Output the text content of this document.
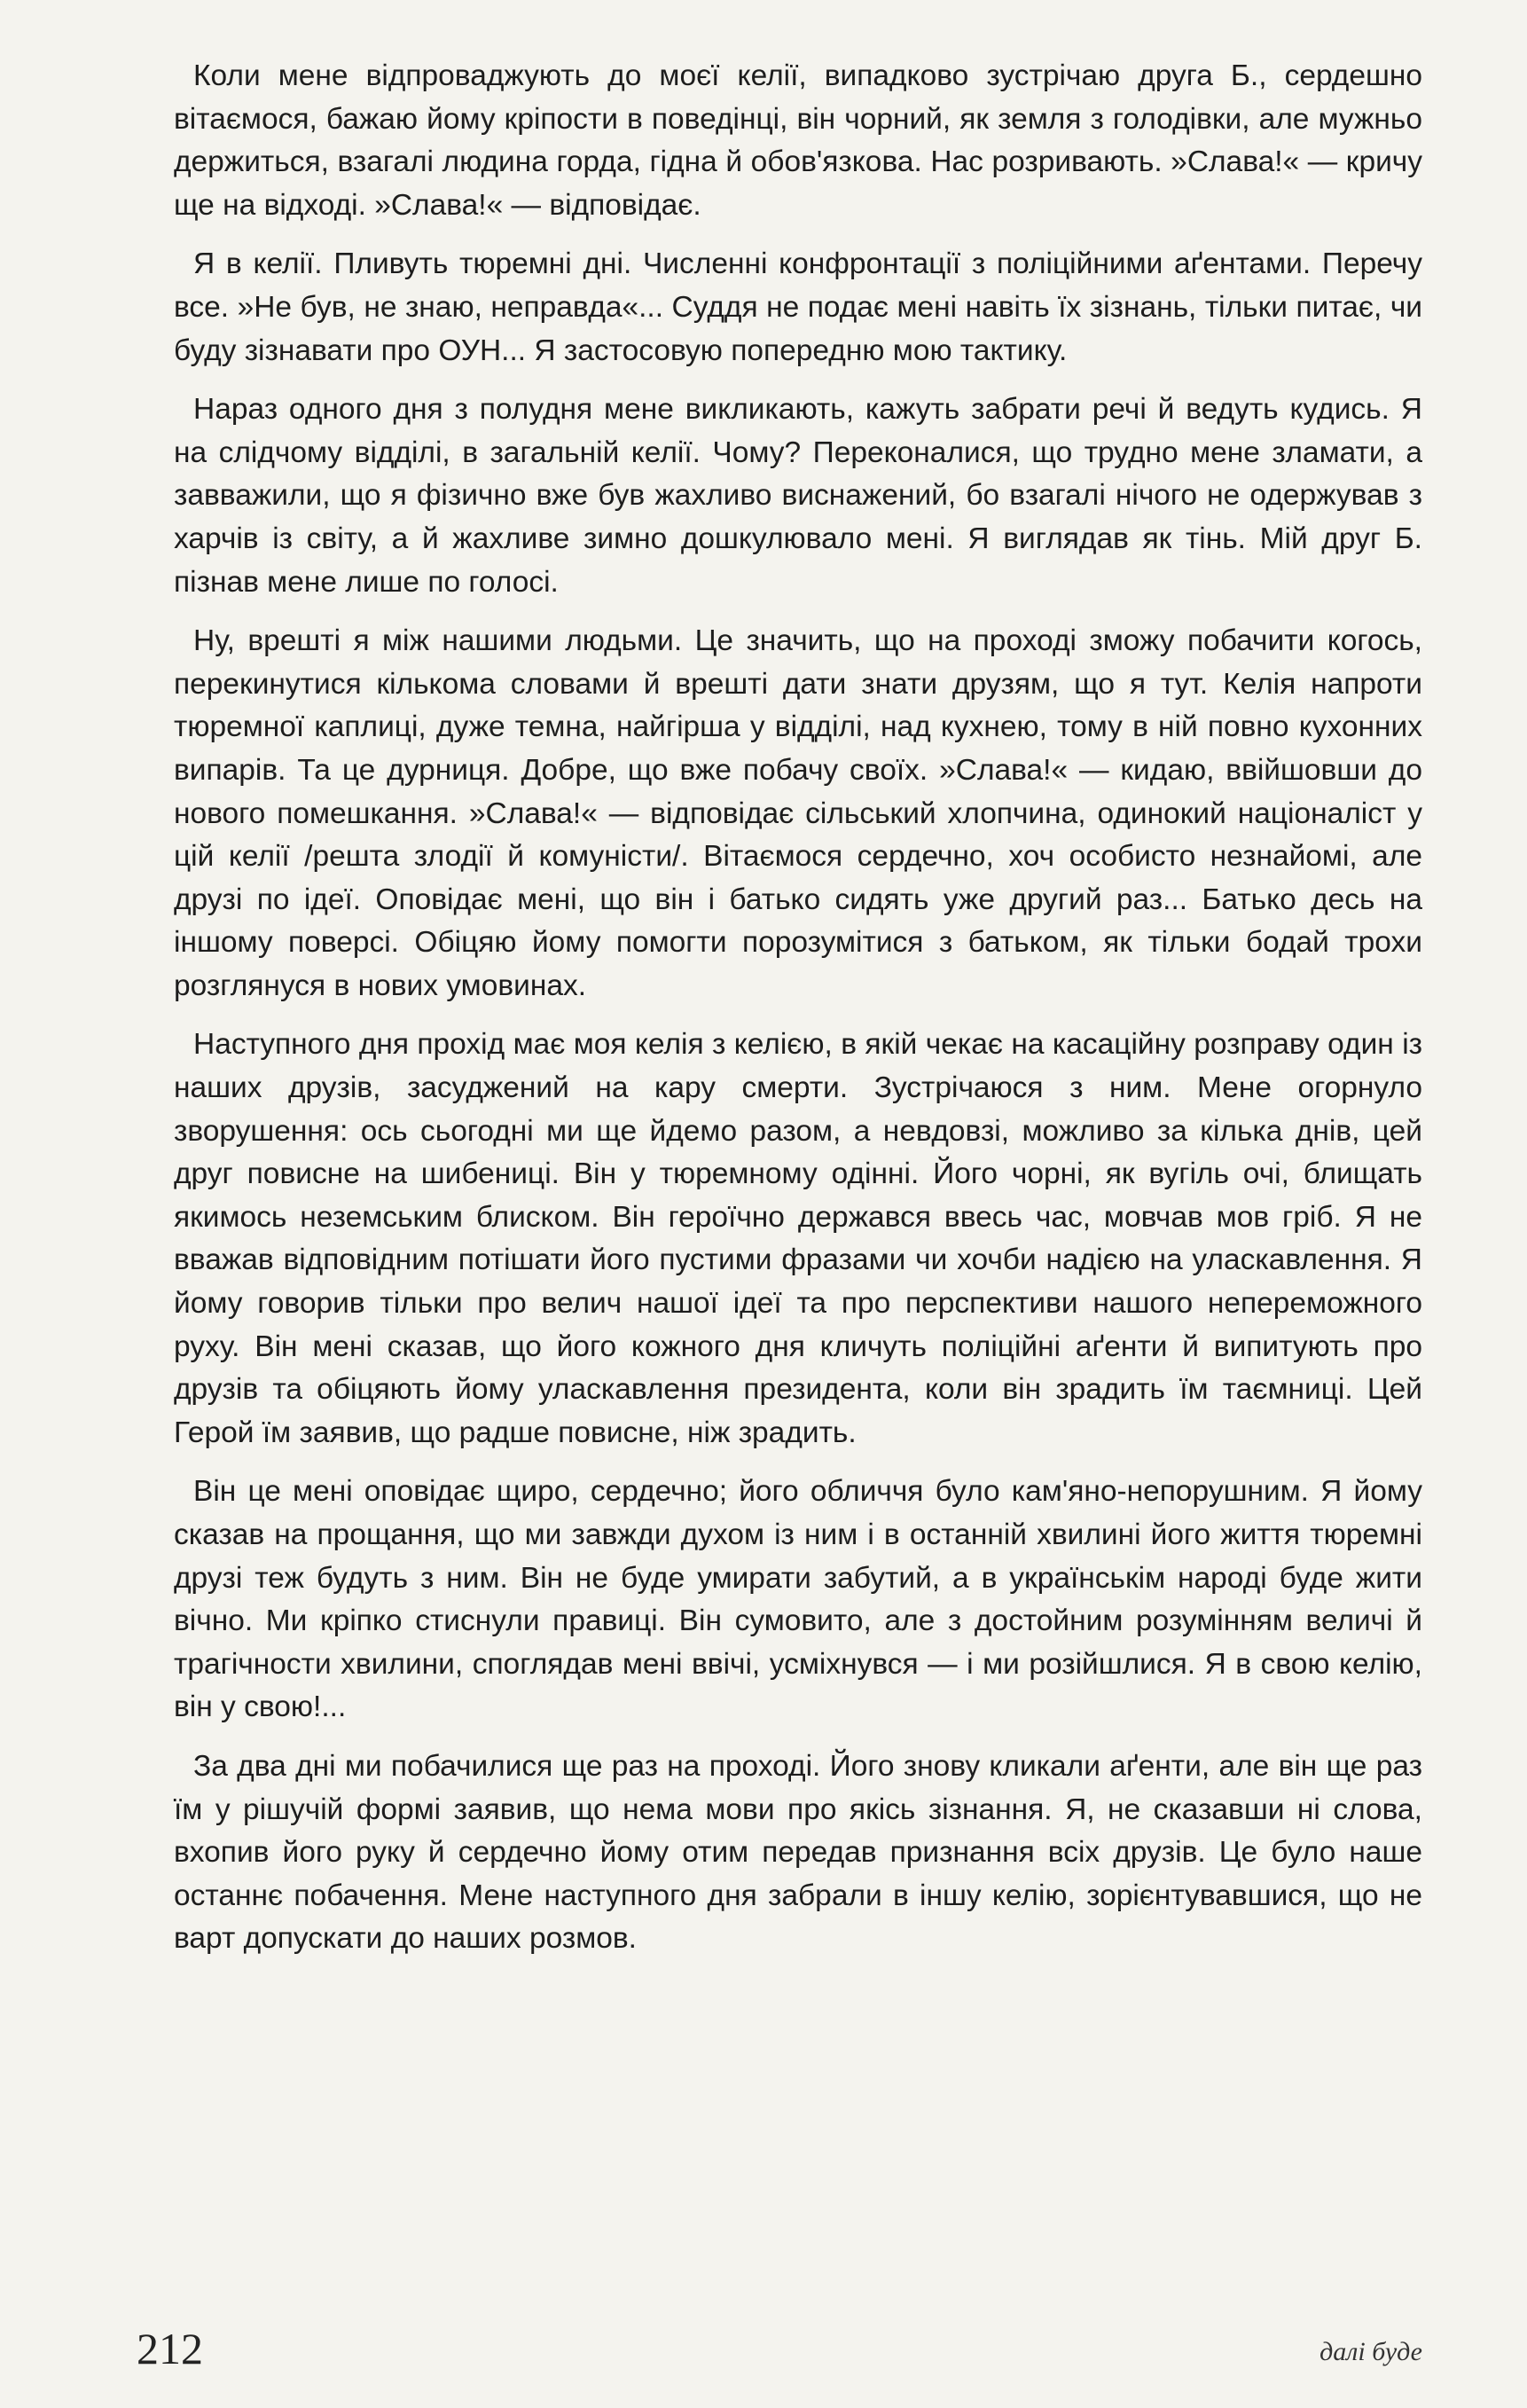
Коли мене відпроваджують до моєї келії, випадково зустрічаю друга Б., сердешно вітаємося, бажаю йому кріпости в поведінці, він чорний, як земля з голодівки, але мужньо держиться, взагалі людина горда, гідна й обов'язкова. Нас розривають. »Слава!« — кричу ще на відході. »Слава!« — відповідає.

Я в келії. Пливуть тюремні дні. Численні конфронтації з поліційними аґентами. Перечу все. »Не був, не знаю, неправда«... Суддя не подає мені навіть їх зізнань, тільки питає, чи буду зізнавати про ОУН... Я застосовую попередню мою тактику.

Нараз одного дня з полудня мене викликають, кажуть забрати речі й ведуть кудись. Я на слідчому відділі, в загальній келії. Чому? Переконалися, що трудно мене зламати, а завважили, що я фізично вже був жахливо виснажений, бо взагалі нічого не одержував з харчів із світу, а й жахливе зимно дошкулювало мені. Я виглядав як тінь. Мій друг Б. пізнав мене лише по голосі.

Ну, врешті я між нашими людьми. Це значить, що на проході зможу побачити когось, перекинутися кількома словами й врешті дати знати друзям, що я тут. Келія напроти тюремної каплиці, дуже темна, найгірша у відділі, над кухнею, тому в ній повно кухонних випарів. Та це дурниця. Добре, що вже побачу своїх. »Слава!« — кидаю, ввійшовши до нового помешкання. »Слава!« — відповідає сільський хлопчина, одинокий націоналіст у цій келії /решта злодії й комуністи/. Вітаємося сердечно, хоч особисто незнайомі, але друзі по ідеї. Оповідає мені, що він і батько сидять уже другий раз... Батько десь на іншому поверсі. Обіцяю йому помогти порозумітися з батьком, як тільки бодай трохи розглянуся в нових умовинах.

Наступного дня прохід має моя келія з келією, в якій чекає на касаційну розправу один із наших друзів, засуджений на кару смерти. Зустрічаюся з ним. Мене огорнуло зворушення: ось сьогодні ми ще йдемо разом, а невдовзі, можливо за кілька днів, цей друг повисне на шибениці. Він у тюремному одінні. Його чорні, як вугіль очі, блищать якимось неземським блиском. Він героїчно держався ввесь час, мовчав мов гріб. Я не вважав відповідним потішати його пустими фразами чи хочби надією на уласкавлення. Я йому говорив тільки про велич нашої ідеї та про перспективи нашого непереможного руху. Він мені сказав, що його кожного дня кличуть поліційні аґенти й випитують про друзів та обіцяють йому уласкавлення президента, коли він зрадить їм таємниці. Цей Герой їм заявив, що радше повисне, ніж зрадить.

Він це мені оповідає щиро, сердечно; його обличчя було кам'яно-непорушним. Я йому сказав на прощання, що ми завжди духом із ним і в останній хвилині його життя тюремні друзі теж будуть з ним. Він не буде умирати забутий, а в українськім народі буде жити вічно. Ми кріпко стиснули правиці. Він сумовито, але з достойним розумінням величі й трагічности хвилини, споглядав мені ввічі, усміхнувся — і ми розійшлися. Я в свою келію, він у свою!...

За два дні ми побачилися ще раз на проході. Його знову кликали аґенти, але він ще раз їм у рішучій формі заявив, що нема мови про якісь зізнання. Я, не сказавши ні слова, вхопив його руку й сердечно йому отим передав признання всіх друзів. Це було наше останнє побачення. Мене наступного дня забрали в іншу келію, зорієнтувавшися, що не варт допускати до наших розмов.

212	далі буде
